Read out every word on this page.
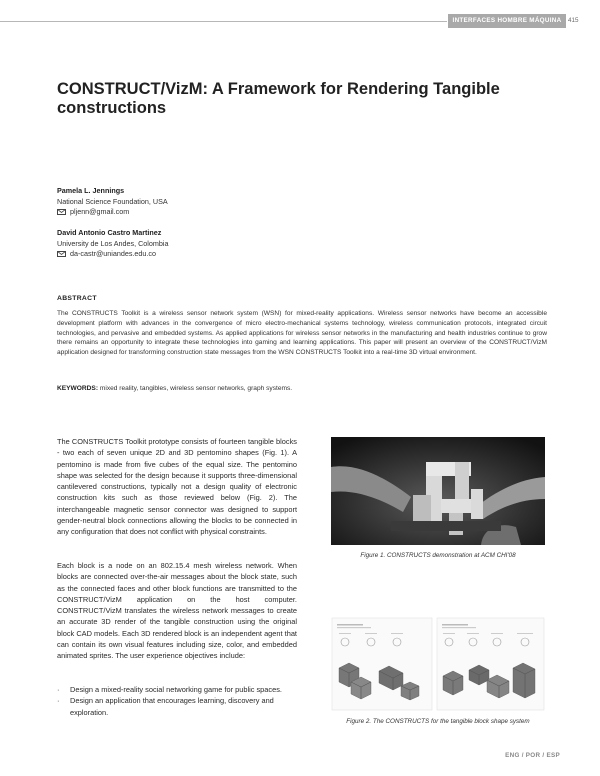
INTERFACES HOMBRE MÁQUINA	415
CONSTRUCT/VizM: A Framework for Rendering Tangible constructions
Pamela L. Jennings
National Science Foundation, USA
pljenn@gmail.com
David Antonio Castro Martinez
University de Los Andes, Colombia
da-castr@uniandes.edu.co
ABSTRACT

The CONSTRUCTS Toolkit is a wireless sensor network system (WSN) for mixed-reality applications. Wireless sensor networks have become an accessible development platform with advances in the convergence of micro electro-mechanical systems technology, wireless communication protocols, integrated circuit technologies, and pervasive and embedded systems. As applied applications for wireless sensor networks in the manufacturing and health industries continue to grow there remains an opportunity to integrate these technologies into gaming and learning applications. This paper will present an overview of the CONSTRUCT/VizM application designed for transforming construction state messages from the WSN CONSTRUCTS Toolkit into a real-time 3D virtual environment.

KEYWORDS: mixed reality, tangibles, wireless sensor networks, graph systems.

The CONSTRUCTS Toolkit prototype consists of fourteen tangible blocks - two each of seven unique 2D and 3D pentomino shapes (Fig. 1). A pentomino is made from five cubes of the equal size. The pentomino shape was selected for the design because it supports three-dimensional cantilevered constructions, typically not a design quality of electronic construction kits such as those reviewed below (Fig. 2). The interchangeable magnetic sensor connector was designed to support gender-neutral block connections allowing the blocks to be connected in any configuration that does not conflict with physical constraints.

Each block is a node on an 802.15.4 mesh wireless network. When blocks are connected over-the-air messages about the block state, such as the connected faces and other block functions are transmitted to the CONSTRUCT/VizM application on the host computer. CONSTRUCT/VizM translates the wireless network messages to create an accurate 3D render of the tangible construction using the original block CAD models. Each 3D rendered block is an independent agent that can contain its own visual features including size, color, and embedded animated sprites. The user experience objectives include:

·	Design a mixed-reality social networking game for public spaces.
·	Design an application that encourages learning, discovery and exploration.
Figure 1. CONSTRUCTS demonstration at ACM CHI'08
Figure 2. The CONSTRUCTS for the tangible block shape system
ENG / POR / ESP
